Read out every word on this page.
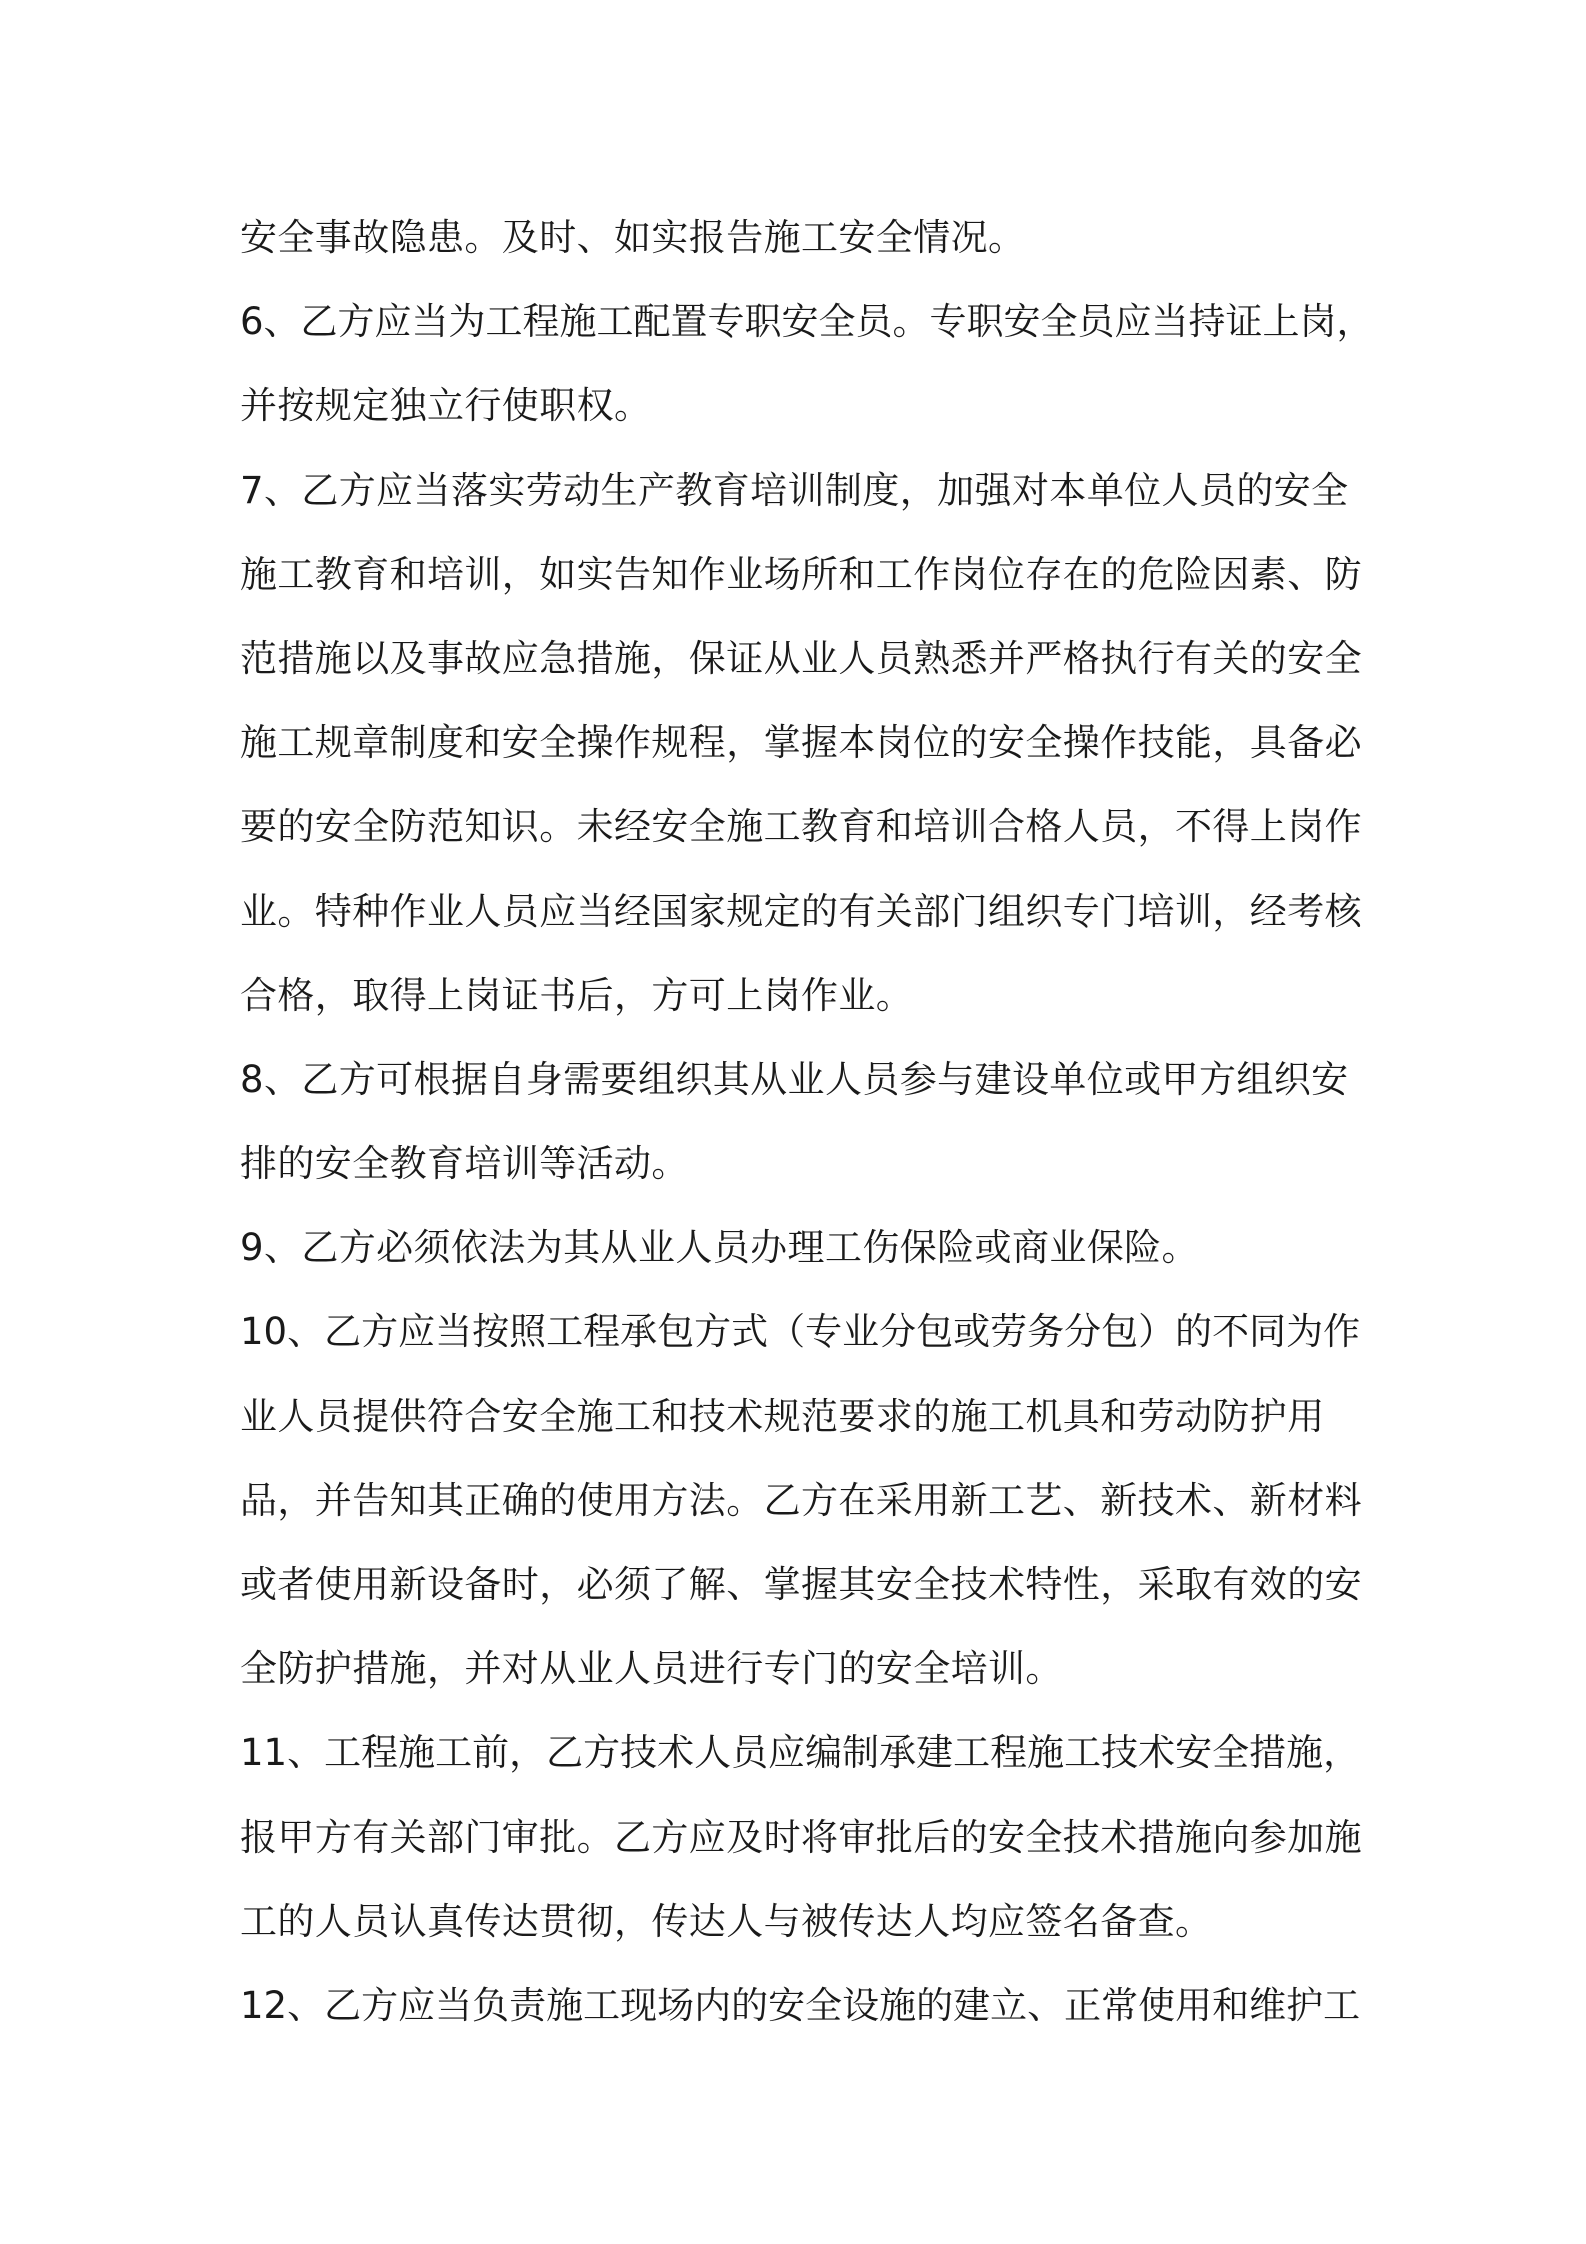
安全事故隐患。及时、如实报告施工安全情况。
6、乙方应当为工程施工配置专职安全员。专职安全员应当持证上岗，
并按规定独立行使职权。
7、乙方应当落实劳动生产教育培训制度，加强对本单位人员的安全
施工教育和培训，如实告知作业场所和工作岗位存在的危险因素、防
范措施以及事故应急措施，保证从业人员熟悉并严格执行有关的安全
施工规章制度和安全操作规程，掌握本岗位的安全操作技能，具备必
要的安全防范知识。未经安全施工教育和培训合格人员，不得上岗作
业。特种作业人员应当经国家规定的有关部门组织专门培训，经考核
合格，取得上岗证书后，方可上岗作业。
8、乙方可根据自身需要组织其从业人员参与建设单位或甲方组织安
排的安全教育培训等活动。
9、乙方必须依法为其从业人员办理工伤保险或商业保险。
10、乙方应当按照工程承包方式（专业分包或劳务分包）的不同为作
业人员提供符合安全施工和技术规范要求的施工机具和劳动防护用
品，并告知其正确的使用方法。乙方在采用新工艺、新技术、新材料
或者使用新设备时，必须了解、掌握其安全技术特性，采取有效的安
全防护措施，并对从业人员进行专门的安全培训。
11、工程施工前，乙方技术人员应编制承建工程施工技术安全措施，
报甲方有关部门审批。乙方应及时将审批后的安全技术措施向参加施
工的人员认真传达贯彻，传达人与被传达人均应签名备查。
12、乙方应当负责施工现场内的安全设施的建立、正常使用和维护工
